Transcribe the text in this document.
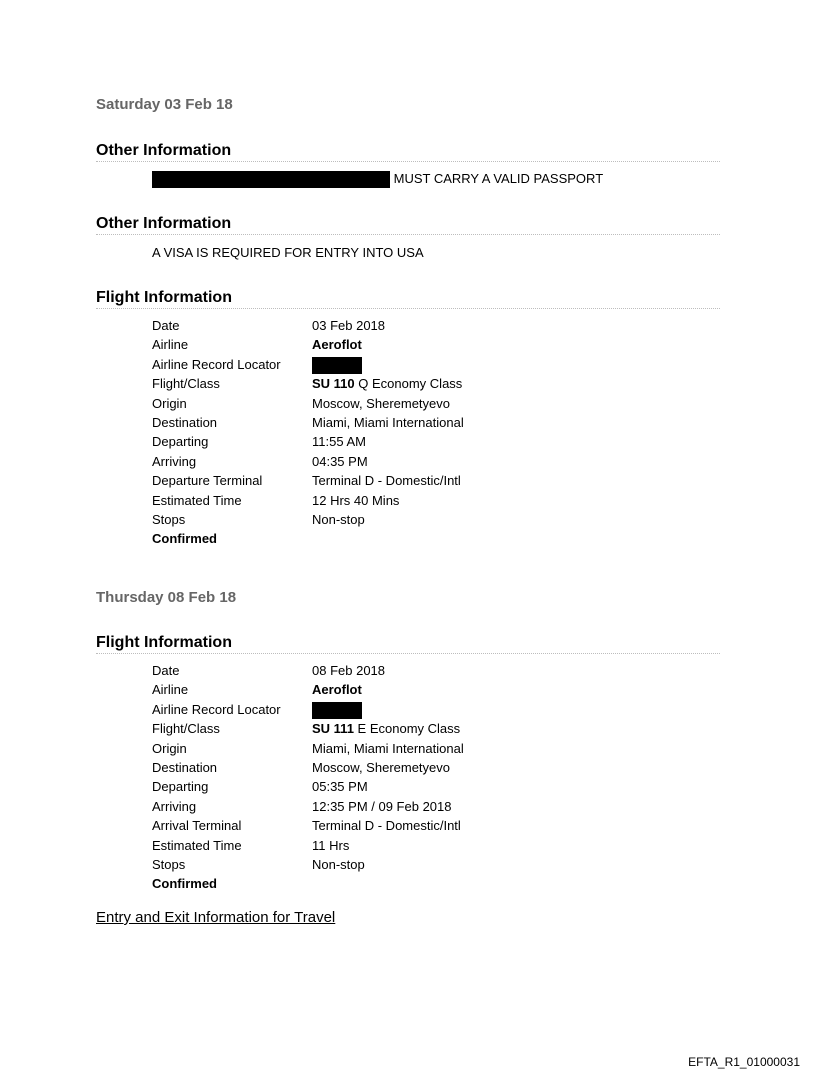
Saturday 03 Feb 18
Other Information
MUST CARRY A VALID PASSPORT
Other Information
A VISA IS REQUIRED FOR ENTRY INTO USA
Flight Information
Date	03 Feb 2018
Airline	Aeroflot
Airline Record Locator
Flight/Class	SU 110 Q Economy Class
Origin	Moscow, Sheremetyevo
Destination	Miami, Miami International
Departing	11:55 AM
Arriving	04:35 PM
Departure Terminal	Terminal D - Domestic/Intl
Estimated Time	12 Hrs 40 Mins
Stops	Non-stop
Confirmed
Thursday 08 Feb 18
Flight Information
Date	08 Feb 2018
Airline	Aeroflot
Airline Record Locator
Flight/Class	SU 111 E Economy Class
Origin	Miami, Miami International
Destination	Moscow, Sheremetyevo
Departing	05:35 PM
Arriving	12:35 PM / 09 Feb 2018
Arrival Terminal	Terminal D - Domestic/Intl
Estimated Time	11 Hrs
Stops	Non-stop
Confirmed
Entry and Exit Information for Travel
EFTA_R1_01000031
